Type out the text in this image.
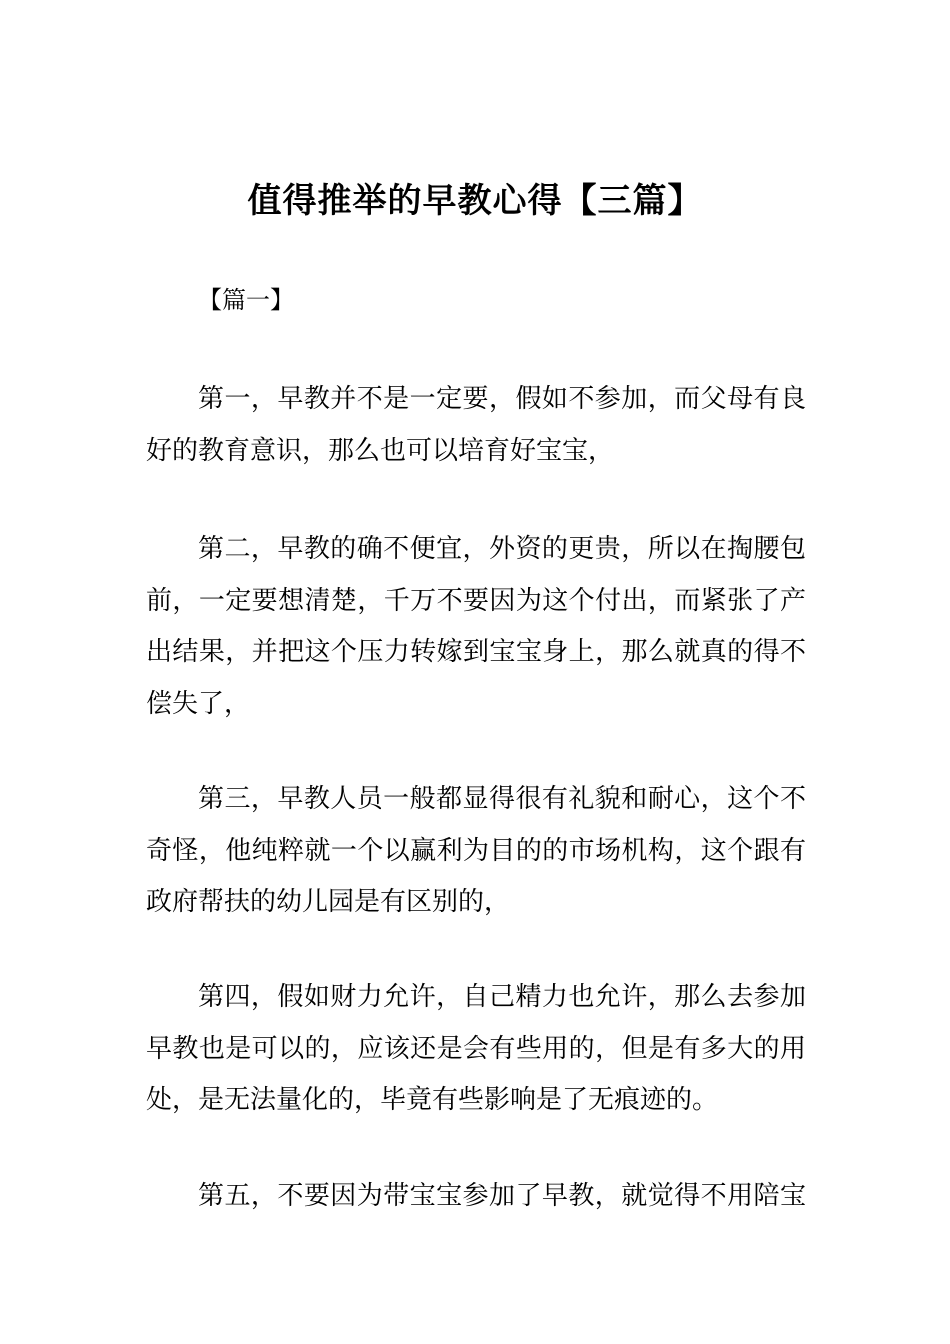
值得推举的早教心得【三篇】

【篇一】

第一，早教并不是一定要，假如不参加，而父母有良
好的教育意识，那么也可以培育好宝宝，

第二，早教的确不便宜，外资的更贵，所以在掏腰包
前，一定要想清楚，千万不要因为这个付出，而紧张了产
出结果，并把这个压力转嫁到宝宝身上，那么就真的得不
偿失了，

第三，早教人员一般都显得很有礼貌和耐心，这个不
奇怪，他纯粹就一个以赢利为目的的市场机构，这个跟有
政府帮扶的幼儿园是有区别的，

第四，假如财力允许，自己精力也允许，那么去参加
早教也是可以的，应该还是会有些用的，但是有多大的用
处，是无法量化的，毕竟有些影响是了无痕迹的。

第五，不要因为带宝宝参加了早教，就觉得不用陪宝
